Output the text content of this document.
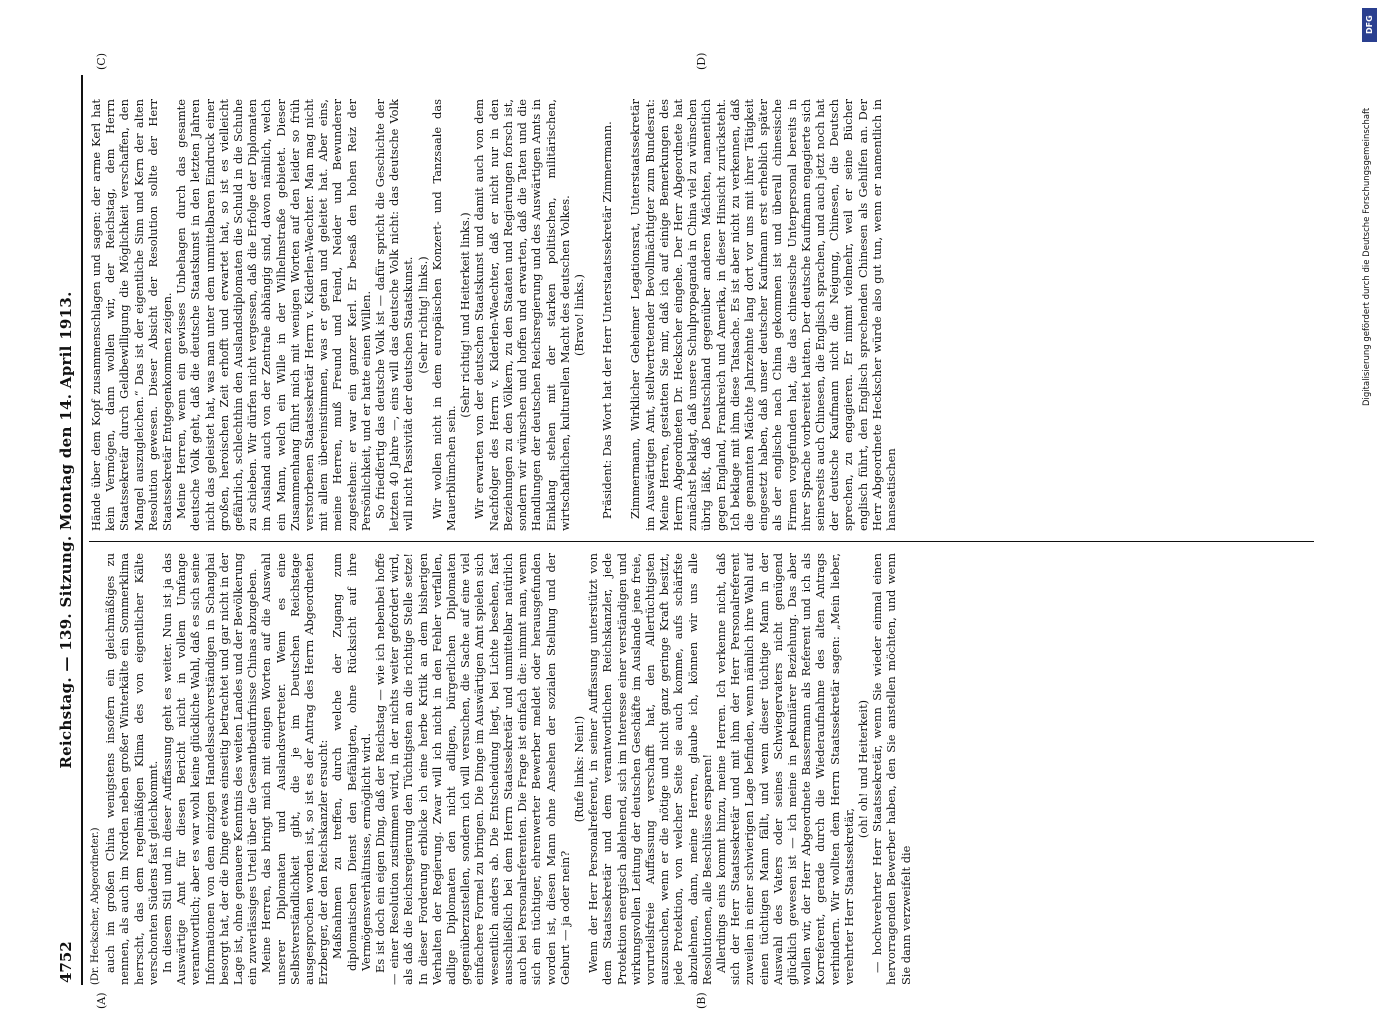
4752
Reichstag. — 139. Sitzung. Montag den 14. April 1913.

(Dr. Heckscher, Abgeordneter.) auch im großen China wenigstens insofern ein gleichmäßiges zu nennen, als auch im Norden neben großer Winterkälte ein Sommerklima herrscht, das dem regelmäßigen Klima des von eigentlicher Kälte verschonten Südens fast gleichkommt. In diesem Stil und in dieser Auffassung geht es weiter. Nun ist ja das Auswärtige Amt für diesen Bericht nicht in vollem Umfange verantwortlich; aber es war wohl keine glückliche Wahl, daß es sich seine Informationen von dem einzigen Handelssachverständigen in Schanghai besorgt hat, der die Dinge etwas einseitig betrachtet und gar nicht in der Lage ist, ohne genauere Kenntnis des weiten Landes und der Bevölkerung ein zuverlässiges Urteil über die Gesamtbedürfnisse Chinas abzugeben. Meine Herren, das bringt mich mit einigen Worten auf die Auswahl unserer Diplomaten und Auslandsvertreter. Wenn es eine Selbstverständlichkeit gibt, die je im Deutschen Reichstage ausgesprochen worden ist, so ist es der Antrag des Herrn Abgeordneten Erzberger, der den Reichskanzler ersucht: Maßnahmen zu treffen, durch welche der Zugang zum diplomatischen Dienst den Befähigten, ohne Rücksicht auf ihre Vermögensverhältnisse, ermöglicht wird. Es ist doch ein eigen Ding, daß der Reichstag — wie ich nebenbei hoffe — einer Resolution zustimmen wird, in der nichts weiter gefordert wird, als daß die Reichsregierung den Tüchtigsten an die richtige Stelle setze! In dieser Forderung erblicke ich eine herbe Kritik an dem bisherigen Verhalten der Regierung. Zwar will ich nicht in den Fehler verfallen, adlige Diplomaten den nicht adligen, bürgerlichen Diplomaten gegenüberzustellen, sondern ich will versuchen, die Sache auf eine viel einfachere Formel zu bringen. Die Dinge im Auswärtigen Amt spielen sich wesentlich anders ab. Die Entscheidung liegt, bei Lichte besehen, fast ausschließlich bei dem Herrn Staatssekretär und unmittelbar natürlich auch bei Personalreferenten. Die Frage ist einfach die: nimmt man, wenn sich ein tüchtiger, ehrenwerter Bewerber meldet oder herausgefunden worden ist, diesen Mann ohne Ansehen der sozialen Stellung und der Geburt — ja oder nein?

(Rufe links: Nein!) Wenn der Herr Personalreferent, in seiner Auffassung unterstützt von dem Staatssekretär und dem verantwortlichen Reichskanzler, jede Protektion energisch ablehnend, sich im Interesse einer verständigen und wirkungsvollen Leitung der deutschen Geschäfte im Auslande jene freie, vorurteilsfreie Auffassung verschafft hat, den Allertüchtigsten auszusuchen, wenn er die nötige und nicht ganz geringe Kraft besitzt, jede Protektion, von welcher Seite sie auch komme, aufs schärfste abzulehnen, dann, meine Herren, glaube ich, können wir uns alle Resolutionen, alle Beschlüsse ersparen! Allerdings eins kommt hinzu, meine Herren. Ich verkenne nicht, daß sich der Herr Staatssekretär und mit ihm der Herr Personalreferent zuweilen in einer schwierigen Lage befinden, wenn nämlich ihre Wahl auf einen tüchtigen Mann fällt, und wenn dieser tüchtige Mann in der Auswahl des Vaters oder seines Schwiegervaters nicht genügend glücklich gewesen ist — ich meine in pekuniärer Beziehung. Das aber wollen wir, der Herr Abgeordnete Bassermann als Referent und ich als Korreferent, gerade durch die Wiederaufnahme des alten Antrags verhindern. Wir wollten dem Herrn Staatssekretär sagen: „Mein lieber, verehrter Herr Staatssekretär,

(oh! oh! und Heiterkeit) — hochverehrter Herr Staatssekretär, wenn Sie wieder einmal einen hervorragenden Bewerber haben, den Sie anstellen möchten, und wenn Sie dann verzweifelt die

Hände über dem Kopf zusammenschlagen und sagen: der arme Kerl hat kein Vermögen, dann wollen wir, der Reichstag, dem Herrn Staatssekretär durch Geldbewilligung die Möglichkeit verschaffen, den Mangel auszugleichen.“ Das ist der eigentliche Sinn und Kern der alten Resolution gewesen. Dieser Absicht der Resolution sollte der Herr Staatssekretär Entgegenkommen zeigen. Meine Herren, wenn ein gewisses Unbehagen durch das gesamte deutsche Volk geht, daß die deutsche Staatskunst in den letzten Jahren nicht das geleistet hat, was man unter dem unmittelbaren Eindruck einer großen, heroischen Zeit erhofft und erwartet hat, so ist es vielleicht gefährlich, schlechthin den Auslandsdiplomaten die Schuld in die Schuhe zu schieben. Wir dürfen nicht vergessen, daß die Erfolge der Diplomaten im Ausland auch von der Zentrale abhängig sind, davon nämlich, welch ein Mann, welch ein Wille in der Wilhelmstraße gebietet. Dieser Zusammenhang führt mich mit wenigen Worten auf den leider so früh verstorbenen Staatssekretär Herrn v. Kiderlen-Waechter. Man mag nicht mit allem übereinstimmen, was er getan und geleitet hat. Aber eins, meine Herren, muß Freund und Feind, Neider und Bewunderer zugestehen: er war ein ganzer Kerl. Er besaß den hohen Reiz der Persönlichkeit, und er hatte einen Willen. So friedfertig das deutsche Volk ist — dafür spricht die Geschichte der letzten 40 Jahre —, eins will das deutsche Volk nicht: das deutsche Volk will nicht Passivität der deutschen Staatskunst. (Sehr richtig! links.) Wir wollen nicht in dem europäischen Konzert- und Tanzsaale das Mauerblümchen sein.

(Sehr richtig! und Heiterkeit links.) Wir erwarten von der deutschen Staatskunst und damit auch von dem Nachfolger des Herrn v. Kiderlen-Waechter, daß er nicht nur in den Beziehungen zu den Völkern, zu den Staaten und Regierungen forsch ist, sondern wir wünschen und hoffen und erwarten, daß die Taten und die Handlungen der deutschen Reichsregierung und des Auswärtigen Amts in Einklang stehen mit der starken politischen, militärischen, wirtschaftlichen, kulturellen Macht des deutschen Volkes. (Bravo! links.) Präsident: Das Wort hat der Herr Unterstaatssekretär Zimmermann. Zimmermann, Wirklicher Geheimer Legationsrat, Unterstaatssekretär im Auswärtigen Amt, stellvertretender Bevollmächtigter zum Bundesrat: Meine Herren, gestatten Sie mir, daß ich auf einige Bemerkungen des Herrn Abgeordneten Dr. Heckscher eingehe. Der Herr Abgeordnete hat zunächst beklagt, daß unsere Schulpropaganda in China viel zu wünschen übrig läßt, daß Deutschland gegenüber anderen Mächten, namentlich gegen England, Frankreich und Amerika, in dieser Hinsicht zurücksteht. Ich beklage mit ihm diese Tatsache. Es ist aber nicht zu verkennen, daß die genannten Mächte Jahrzehnte lang dort vor uns mit ihrer Tätigkeit eingesetzt haben, daß unser deutscher Kaufmann erst erheblich später als der englische nach China gekommen ist und überall chinesische Firmen vorgefunden hat, die das chinesische Unterpersonal bereits in ihrer Sprache vorbereitet hatten. Der deutsche Kaufmann engagierte sich seinerseits auch Chinesen, die Englisch sprachen, und auch jetzt noch hat der deutsche Kaufmann nicht die Neigung, Chinesen, die Deutsch sprechen, zu engagieren. Er nimmt vielmehr, weil er seine Bücher englisch führt, den Englisch sprechenden Chinesen als Gehilfen an. Der Herr Abgeordnete Heckscher würde also gut tun, wenn er namentlich in hanseatischen

(A)	(B)
(C)	(D)
DFG
Digitalisierung gefördert durch die Deutsche Forschungsgemeinschaft
